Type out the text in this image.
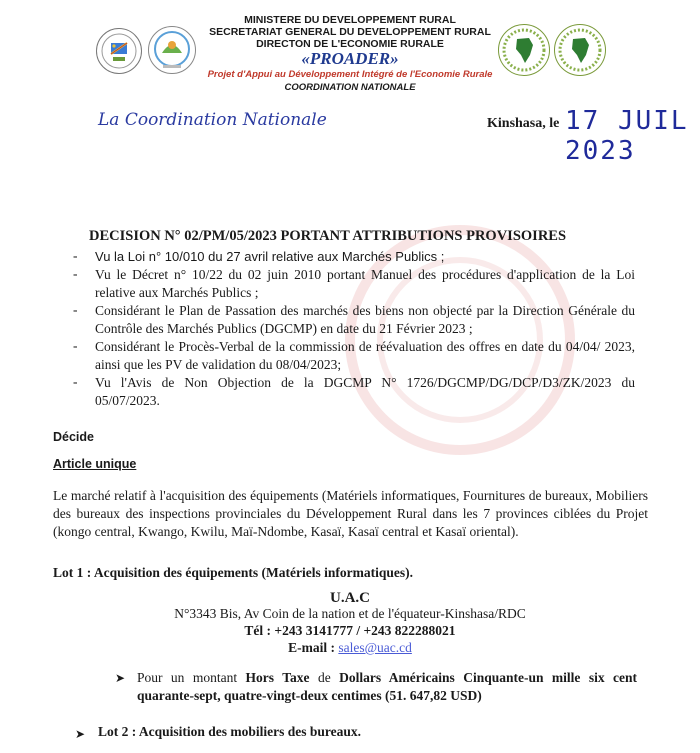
MINISTERE DU DEVELOPPEMENT RURAL
SECRETARIAT GENERAL DU DEVELOPPEMENT RURAL
DIRECTON DE L'ECONOMIE RURALE
«PROADER»
Projet d'Appui au Développement Intégré de l'Economie Rurale
COORDINATION NATIONALE
La Coordination Nationale	Kinshasa, le 17 JUIL 2023
DECISION N° 02/PM/05/2023 PORTANT ATTRIBUTIONS PROVISOIRES
- Vu la Loi n° 10/010 du 27 avril relative aux Marchés Publics ;
- Vu le Décret n° 10/22 du 02 juin 2010 portant Manuel des procédures d'application de la Loi relative aux Marchés Publics ;
- Considérant le Plan de Passation des marchés des biens non objecté par la Direction Générale du Contrôle des Marchés Publics (DGCMP) en date du 21 Février 2023 ;
- Considérant le Procès-Verbal de la commission de réévaluation des offres en date du 04/04/ 2023, ainsi que les PV de validation du 08/04/2023;
- Vu l'Avis de Non Objection de la DGCMP N° 1726/DGCMP/DG/DCP/D3/ZK/2023 du 05/07/2023.
Décide
Article unique
Le marché relatif à l'acquisition des équipements (Matériels informatiques, Fournitures de bureaux, Mobiliers des bureaux des inspections provinciales du Développement Rural dans les 7 provinces ciblées du Projet (kongo central, Kwango, Kwilu, Maï-Ndombe, Kasaï, Kasaï central et Kasaï oriental).
Lot 1 : Acquisition des équipements (Matériels informatiques).
U.A.C
N°3343 Bis, Av Coin de la nation et de l'équateur-Kinshasa/RDC
Tél : +243 3141777 / +243 822288021
E-mail : sales@uac.cd
➤ Pour un montant Hors Taxe de Dollars Américains Cinquante-un mille six cent quarante-sept, quatre-vingt-deux centimes (51. 647,82 USD)
➤ Lot 2 : Acquisition des mobiliers des bureaux.
